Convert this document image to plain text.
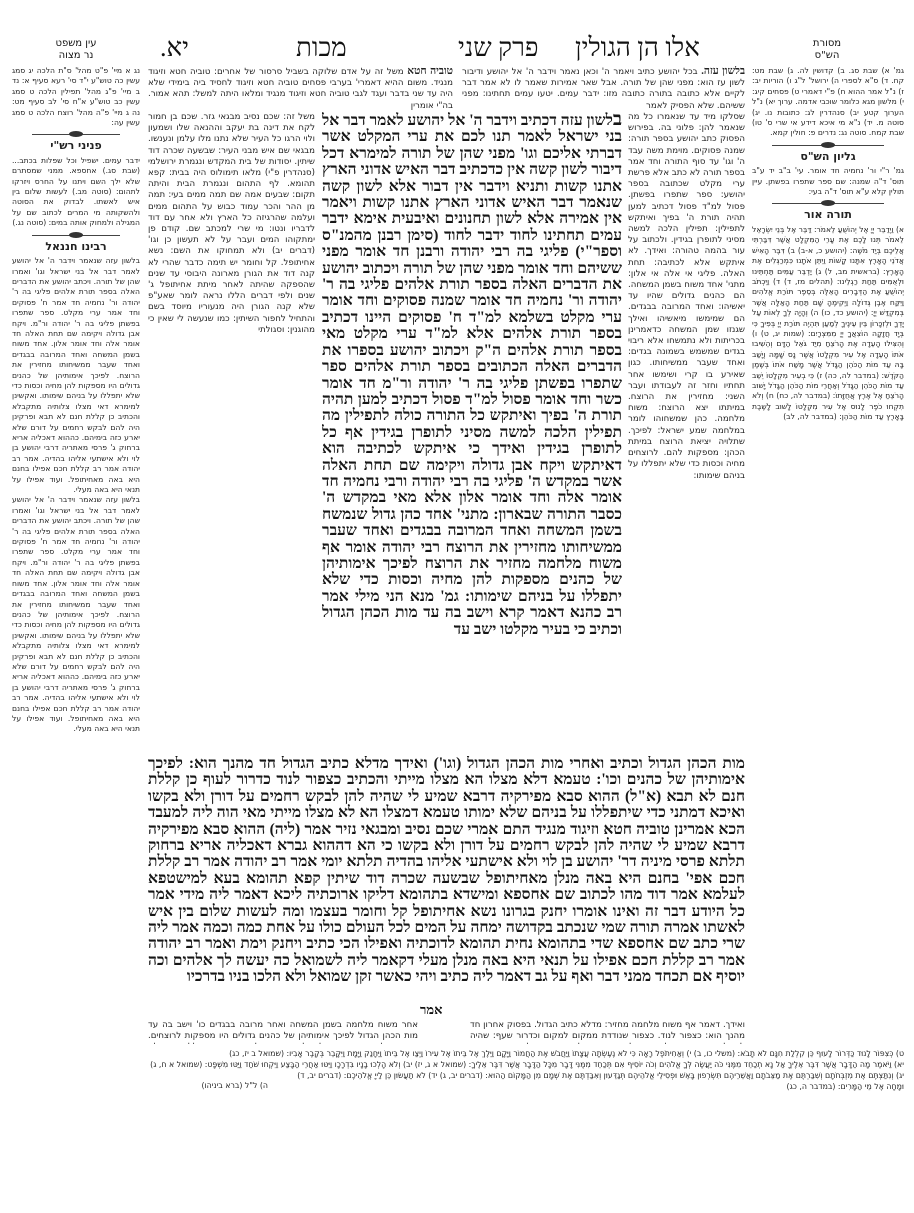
אלו הן הגולין
פרק שני
מכות
יא.	מסורת
הש"ס
עין משפט
נר מצוה
נג א מיי' פ"ט מהל' ס"ת הלכה יג סמג עשין כה טוש"ע י"ד סי' רעא סעיף א: נד ב מיי' פ"ג מהל' תפילין הלכה ט סמג עשין כב טוש"ע א"ח סי' לב סעיף מט: נה ג מיי' פ"ה מהל' רוצח הלכה ט סמג עשין עה:
פניני רש"י
ידבר עמים. ישפיל וכל שפלות בכתב... (שבת סג.) אחספא. ממני שמסתרם שלא ילך השם ויתנו על החרס ויזרקו לתהום: (סוטה מב.) לעשות שלום בין איש לאשתו. לבדוק את הסוטה ולהשקותה מי המרים לכתוב שם על המגילה ולמחוק אותה במים: (סוטה נג.)
רבינו חננאל
בלשון עזה שנאמר וידבר ה' אל יהושע לאמר דבר אל בני ישראל וגו' ואמרו שהן של תורה. ויכתב יהושע את הדברים האלה בספר תורת אלהים פליגי בה ר' יהודה ור' נחמיה חד אמר ח' פסוקים וחד אמר ערי מקלט. ספר שתפרו בפשתן פליגי בה ר' יהודה ור"מ. ויקח אבן גדולה ויקימה שם תחת האלה חד אומר אלה וחד אומר אלון. אחד משוח בשמן המשחה ואחד המרובה בבגדים ואחד שעבר ממשיחותו מחזירין את הרוצח. לפיכך אימותיהן של כהנים גדולים היו מספקות להן מחיה וכסות כדי שלא יתפללו על בניהם שימותו. ואקשינן למימרא דאי מצלו צלותיה מתקבלא והכתיב כן קללת חנם לא תבא ופרקינן היה להם לבקש רחמים על דורם שלא יארע כזה בימיהם. כההוא דאכליה אריא ברחוק ג' פרסי מאתריה דרבי יהושע בן לוי ולא אישתעי אליהו בהדיה. אמר רב יהודה אמר רב קללת חכם אפילו בחנם היא באה מאחיתופל. ועוד אפילו על תנאי היא באה מעלי.
בלשון עזה שנאמר וידבר ה' אל יהושע לאמר דבר אל בני ישראל וגו' ואמרו שהן של תורה. ויכתב יהושע את הדברים האלה בספר תורת אלהים פליגי בה ר' יהודה ור' נחמיה חד אמר ח' פסוקים וחד אמר ערי מקלט. ספר שתפרו בפשתן פליגי בה ר' יהודה ור"מ. ויקח אבן גדולה ויקימה שם תחת האלה חד אומר אלה וחד אומר אלון. אחד משוח בשמן המשחה ואחד המרובה בבגדים ואחד שעבר ממשיחותו מחזירין את הרוצח. לפיכך אימותיהן של כהנים גדולים היו מספקות להן מחיה וכסות כדי שלא יתפללו על בניהם שימותו. ואקשינן למימרא דאי מצלו צלותיה מתקבלא והכתיב כן קללת חנם לא תבא ופרקינן היה להם לבקש רחמים על דורם שלא יארע כזה בימיהם. כההוא דאכליה אריא ברחוק ג' פרסי מאתריה דרבי יהושע בן לוי ולא אישתעי אליהו בהדיה. אמר רב יהודה אמר רב קללת חכם אפילו בחנם היא באה מאחיתופל. ועוד אפילו על תנאי היא באה מעלי.
גמ' א) שבת סג. ב) קדושין לה. ג) שבת מט: קח. ד) ס"א לספרי ה) ירושל' ל"ג ו) הוריות יב: ז) נ"ל אמר ההוא ח) פ"י דאמרי ט) פסחים קיג: י) מלשון מגא כלומר שוכבי אדמה. ערוך יא) נ"ל הערוך קטע יב) סנהדרין לג: כתובות נו. יג) סוטה מ. יד) נ"א מי איכא דידע אי שרי ס' טו) שבת קמח. סוטה נג: נדרים פ: חולין קמא.
גליון הש"ס
גמ' ר"י ור' נחמיה חד אומר. עי' ב"ב יד ע"ב תוס' ד"ה שמנה: שם ספר שתפרו בפשתן. עיין תולין קלא ע"א תוס' ד"ה בעי:
תורה אור
א) וַיְדַבֵּר יְיָ אֶל יְהוֹשֻׁעַ לֵאמֹר: דַּבֵּר אֶל בְּנֵי יִשְׂרָאֵל לֵאמֹר תְּנוּ לָכֶם אֶת עָרֵי הַמִּקְלָט אֲשֶׁר דִּבַּרְתִּי אֲלֵיכֶם בְּיַד מֹשֶׁה: (יהושע כ, א-ב) ב) דִּבֶּר הָאִישׁ אֲדֹנֵי הָאָרֶץ אִתָּנוּ קָשׁוֹת וַיִּתֵּן אֹתָנוּ כִּמְרַגְּלִים אֶת הָאָרֶץ: (בראשית מב, ל) ג) יַדְבֵּר עַמִּים תַּחְתֵּינוּ וּלְאֻמִּים תַּחַת רַגְלֵינוּ: (תהלים מז, ד) ד) וַיִּכְתֹּב יְהוֹשֻׁעַ אֶת הַדְּבָרִים הָאֵלֶּה בְּסֵפֶר תּוֹרַת אֱלֹהִים וַיִּקַּח אֶבֶן גְּדוֹלָה וַיְקִימֶהָ שָּׁם תַּחַת הָאַלָּה אֲשֶׁר בְּמִקְדַּשׁ יְיָ: (יהושע כד, כו) ה) וְהָיָה לְךָ לְאוֹת עַל יָדְךָ וּלְזִכָּרוֹן בֵּין עֵינֶיךָ לְמַעַן תִּהְיֶה תּוֹרַת יְיָ בְּפִיךָ כִּי בְּיָד חֲזָקָה הוֹצִאֲךָ יְיָ מִמִּצְרָיִם: (שמות יג, ט) ו) וְהִצִּילוּ הָעֵדָה אֶת הָרֹצֵחַ מִיַּד גֹּאֵל הַדָּם וְהֵשִׁיבוּ אֹתוֹ הָעֵדָה אֶל עִיר מִקְלָטוֹ אֲשֶׁר נָס שָׁמָּה וְיָשַׁב בָּהּ עַד מוֹת הַכֹּהֵן הַגָּדֹל אֲשֶׁר מָשַׁח אֹתוֹ בְּשֶׁמֶן הַקֹּדֶשׁ: (במדבר לה, כה) ז) כִּי בְעִיר מִקְלָטוֹ יֵשֵׁב עַד מוֹת הַכֹּהֵן הַגָּדֹל וְאַחֲרֵי מוֹת הַכֹּהֵן הַגָּדֹל יָשׁוּב הָרֹצֵחַ אֶל אֶרֶץ אֲחֻזָּתוֹ: (במדבר לה, כח) ח) וְלֹא תִקְחוּ כֹפֶר לָנוּס אֶל עִיר מִקְלָטוֹ לָשׁוּב לָשֶׁבֶת בָּאָרֶץ עַד מוֹת הַכֹּהֵן: (במדבר לה, לב)
טוביה חטא משל זה על אדם שלוקה בשביל סרסור של אחרים: טוביה חטא וזיגוד מנגיד. משום ההיא דאמרי' בערבי פסחים טוביה חטא וזיגוד לחסיד ביה בימידי שלא היה עד שני בדבר ועגד לגבי טוביה חטא וזיגוד מנגיד ומלאו היתה למשל: תהא אמור. בה"י אומרין
בלשון עזה. בכל יהושע כתיב ויאמר ה' וכאן נאמר וידבר ה' אל יהושע ודיבור לשון עז הוא: מפני שהן של תורה. אבל שאר אמירות שאמר לו לא אמר דבר לקיים אלא כתובה בתורה כתובה מזו: ידבר עמים. יטעו עמים תחתינו: מפני ששיהם. שלא הפסיק לאמר
משל זה: שכם נסיב מבגאי גזר. שכם בן חמור לקח את דינה בת יעקב וההנאה שלו ושמעון ולוי הרגו כל העיר שלא נתנו מלו עלמן ונענשו. מבגאי שם איש מבני העיר: שבשעה שכרה דוד שיתין. יסודות של בית המקדש ונגמרת ירושלמי (סנהדרין פ"י) מלאו תימולוס היה בבית: קפא תהומא. לף התהום ונגמרת הבית והיתה תקום: שבעים אמה שם תמה ממים בעי: תמה מן ההר והכר עמוד כבוש על התהום ממים ועלמה שהרגיזה כל הארץ ולא אחר עם דוד לדבריו ונטו: מי שרי למכתב שם. קודם פן ימתקוהו המים ועבר על לא תעשון כן וגו' (דברים יב) ולא תמחוקו את השם: נשא אחיתופל. קל וחומר יש תימה כדבר שהרי לא קנה דוד את הגורן מארונה היבוסי עד שנים שהספקה שהיתה לאחר מיתת אחיתופל ג' שנים ולפי דברים הללו נראה לומר שאע"פ שלא קנה הגורן היה מנעוריו מיוסד בשם והתחיל לחפור השיתין: כמו שנעשה לי שאין כי מהוגנין: וסגולתי
שסלקו מיד עד שנאמרו כל מה שנאמר להן: פלוני בה. בפירוש הפסוק כתב יהושע בספר תורה: שמנה פסוקים. מוימת משה עבד ה' וגו' עד סוף התורה וחד אמר בספר תורה לא כתב אלא פרשת ערי מקלט שכתובה בספר יהושע: ספר שתפרו בפשתן. פסול למ"ד פסול דכתיב למען תהיה תורת ה' בפיך ואיתקש לתפילין: תפילין הלכה למשה מסיני לתופרן בגידין. ולכתוב על עור בהמה טהורה: ואידך. לא איתקש אלא לכתיבה: תחת האלה. פליגי אי אלה אי אלון: מתני' אחד משוח בשמן המשחה. הם כהנים גדולים שהיו עד יאשיהו: ואחד המרובה בבגדים. הם שמימשו מיאשיהו ואילך שגנזו שמן המשחה כדאמרינן בכריתות ולא נתמשחו אלא ריבוי בגדים שמשמש בשמונה בגדים: ואחד שעבר ממשיחותו. כגון שאירע בו קרי ושימשו אחר תחתיו וחזר זה לעבודתו ועבר השני: מחזירין את הרוצח. במיתתו יצא הרוצח: משוח מלחמה. כהן שמשחוהו לומר במלחמה שמע ישראל: לפיכך. שתלויה יציאת הרוצח במיתת הכהן: מספקות להם. לרוצחים מחיה וכסות כדי שלא יתפללו על בניהם שימותו:
בלשון עזה דכתיב וידבר ה' אל יהושע לאמר דבר אל בני ישראל לאמר תנו לכם את ערי המקלט אשר דברתי אליכם וגו' מפני שהן של תורה למימרא דכל דיבור לשון קשה אין כדכתיב דבר האיש אדוני הארץ אתנו קשות ותניא וידבר אין דבור אלא לשון קשה שנאמר דבר האיש אדוני הארץ אתנו קשות ויאמר אין אמירה אלא לשון תחנונים ואיבעית אימא ידבר עמים תחתינו לחוד ידבר לחוד (סימן רבנן מהמנ"ס וספר"י) פליגי בה רבי יהודה ורבנן חד אומר מפני ששיהם וחד אומר מפני שהן של תורה ויכתוב יהושע את הדברים האלה בספר תורת אלהים פליגי בה ר' יהודה ור' נחמיה חד אומר שמנה פסוקים וחד אומר ערי מקלט בשלמא למ"ד ח' פסוקים היינו דכתיב בספר תורת אלהים אלא למ"ד ערי מקלט מאי בספר תורת אלהים ה"ק ויכתוב יהושע בספרו את הדברים האלה הכתובים בספר תורת אלהים ספר שתפרו בפשתן פליגי בה ר' יהודה ור"מ חד אומר כשר וחד אומר פסול למ"ד פסול דכתיב למען תהיה תורת ה' בפיך ואיתקש כל התורה כולה לתפילין מה תפילין הלכה למשה מסיני לתופרן בגידין אף כל לתופרן בגידין ואידך כי איתקש לכתיבה הוא דאיתקש ויקח אבן גדולה ויקימה שם תחת האלה אשר במקדש ה' פליגי בה רבי יהודה ורבי נחמיה חד אומר אלה וחד אומר אלון אלא מאי במקדש ה' כסבר התורה שבארון: מתני' אחד כהן גדול שנמשח בשמן המשחה ואחד המרובה בבגדים ואחד שעבר ממשיחותו מחזירין את הרוצח רבי יהודה אומר אף משוח מלחמה מחזיר את הרוצח לפיכך אימותיהן של כהנים מספקות להן מחיה וכסות כדי שלא יתפללו על בניהם שימותו: גמ' מנא הני מילי אמר רב כהנא דאמר קרא וישב בה עד מות הכהן הגדול וכתיב כי בעיר מקלטו ישב עד
מות הכהן הגדול וכתיב ואחרי מות הכהן הגדול (וגו') ואידך מדלא כתיב הגדול חד מהנך הוא: לפיכך אימותיהן של כהנים וכו': טעמא דלא מצלו הא מצלו מייתי והכתיב כצפור לנוד כדרור לעוף כן קללת חנם לא תבא (א"ל) ההוא סבא מפירקיה דרבא שמיע לי שהיה להן לבקש רחמים על דורן ולא בקשו ואיכא דמתני כדי שיתפללו על בניהם שלא ימותו טעמא דמצלו הא לא מצלו מייתי מאי הוה ליה למעבד הכא אמרינן טוביה חטא וזיגוד מנגיד התם אמרי שכם נסיב ומבגאי נזיר אמר (ליה) ההוא סבא מפירקיה דרבא שמיע לי שהיה להן לבקש רחמים על דורן ולא בקשו כי הא דההוא גברא דאכליה אריא ברחוק תלתא פרסי מיניה דר' יהושע בן לוי ולא אישתעי אליהו בהדיה תלתא יומי אמר רב יהודה אמר רב קללת חכם אפי' בחנם היא באה מנלן מאחיתופל שבשעה שכרה דוד שיתין קפא תהומא בעא למישטפא לעלמא אמר דוד מהו לכתוב שם אחספא ומישדא בתהומא דליקו ארוכתיה ליכא דאמר ליה מידי אמר כל היודע דבר זה ואינו אומרו יחנק בגרונו נשא אחיתופל קל וחומר בעצמו ומה לעשות שלום בין איש לאשתו אמרה תורה שמי שנכתב בקדושה ימחה על המים לכל העולם כולו על אחת כמה וכמה אמר ליה שרי כתב שם אחספא שדי בתהומא נחית תהומא לדוכתיה ואפילו הכי כתיב ויחנק וימת ואמר רב יהודה אמר רב קללת חכם אפילו על תנאי היא באה מנלן מעלי דקאמר ליה לשמואל כה יעשה לך אלהים וכה יוסיף אם תכחד ממני דבר ואף על גב דאמר ליה כתיב ויהי כאשר זקן שמואל ולא הלכו בניו בדרכיו
אמר
ואידך. דאמר אף משוח מלחמה מחזיר: מדלא כתיב הגדול. בפסוק אחרון חד מהנך הוא: כצפור לנוד. כצפור שנודדת ממקום למקום וכדרור שעף: שהיה
אחר משוח מלחמה בשמן המשחה ואחר מרובה בבגדים כו' וישב בה עד מות הכהן הגדול לפיכך אימותיהן של כהנים גדולים היו מספקות לרוצחים.
ט) כְּצִפּוֹר לָנוּד כַּדְּרוֹר לָעוּף כֵּן קִלְלַת חִנָּם לֹא תָבֹא: (משלי כו, ב) י) וְאַחִיתֹפֶל רָאָה כִּי לֹא נֶעֶשְׂתָה עֲצָתוֹ וַיַּחֲבֹשׁ אֶת הַחֲמוֹר וַיָּקָם וַיֵּלֶךְ אֶל בֵּיתוֹ אֶל עִירוֹ וַיְצַו אֶל בֵּיתוֹ וַיֵּחָנַק וַיָּמָת וַיִּקָּבֵר בְּקֶבֶר אָבִיו: (שמואל ב יז, כג)
יא) וַיֹּאמֶר מָה הַדָּבָר אֲשֶׁר דִּבֶּר אֵלֶיךָ אַל נָא תְכַחֵד מִמֶּנִּי כֹּה יַעֲשֶׂה לְּךָ אֱלֹהִים וְכֹה יוֹסִיף אִם תְּכַחֵד מִמֶּנִּי דָּבָר מִכָּל הַדָּבָר אֲשֶׁר דִּבֶּר אֵלֶיךָ: (שמואל א ג, יז) יב) וְלֹא הָלְכוּ בָנָיו בִּדְרָכָו וַיִּטּוּ אַחֲרֵי הַבָּצַע וַיִּקְחוּ שֹׁחַד וַיַּטּוּ מִשְׁפָּט: (שמואל א ח, ג)
יג) וְנִתַּצְתֶּם אֶת מִזְבְּחֹתָם וְשִׁבַּרְתֶּם אֶת מַצֵּבֹתָם וַאֲשֵׁרֵיהֶם תִּשְׂרְפוּן בָּאֵשׁ וּפְסִילֵי אֱלֹהֵיהֶם תְּגַדֵּעוּן וְאִבַּדְתֶּם אֶת שְׁמָם מִן הַמָּקוֹם הַהוּא: (דברים יב, ג) יד) לֹא תַעֲשׂוּן כֵּן לַייָ אֱלֹהֵיכֶם: (דברים יב, ד)
וּמָחָה אֶל מֵי הַמָּרִים: (במדבר ה, כג)
ה) ל"ל (ברא ביניהו)
